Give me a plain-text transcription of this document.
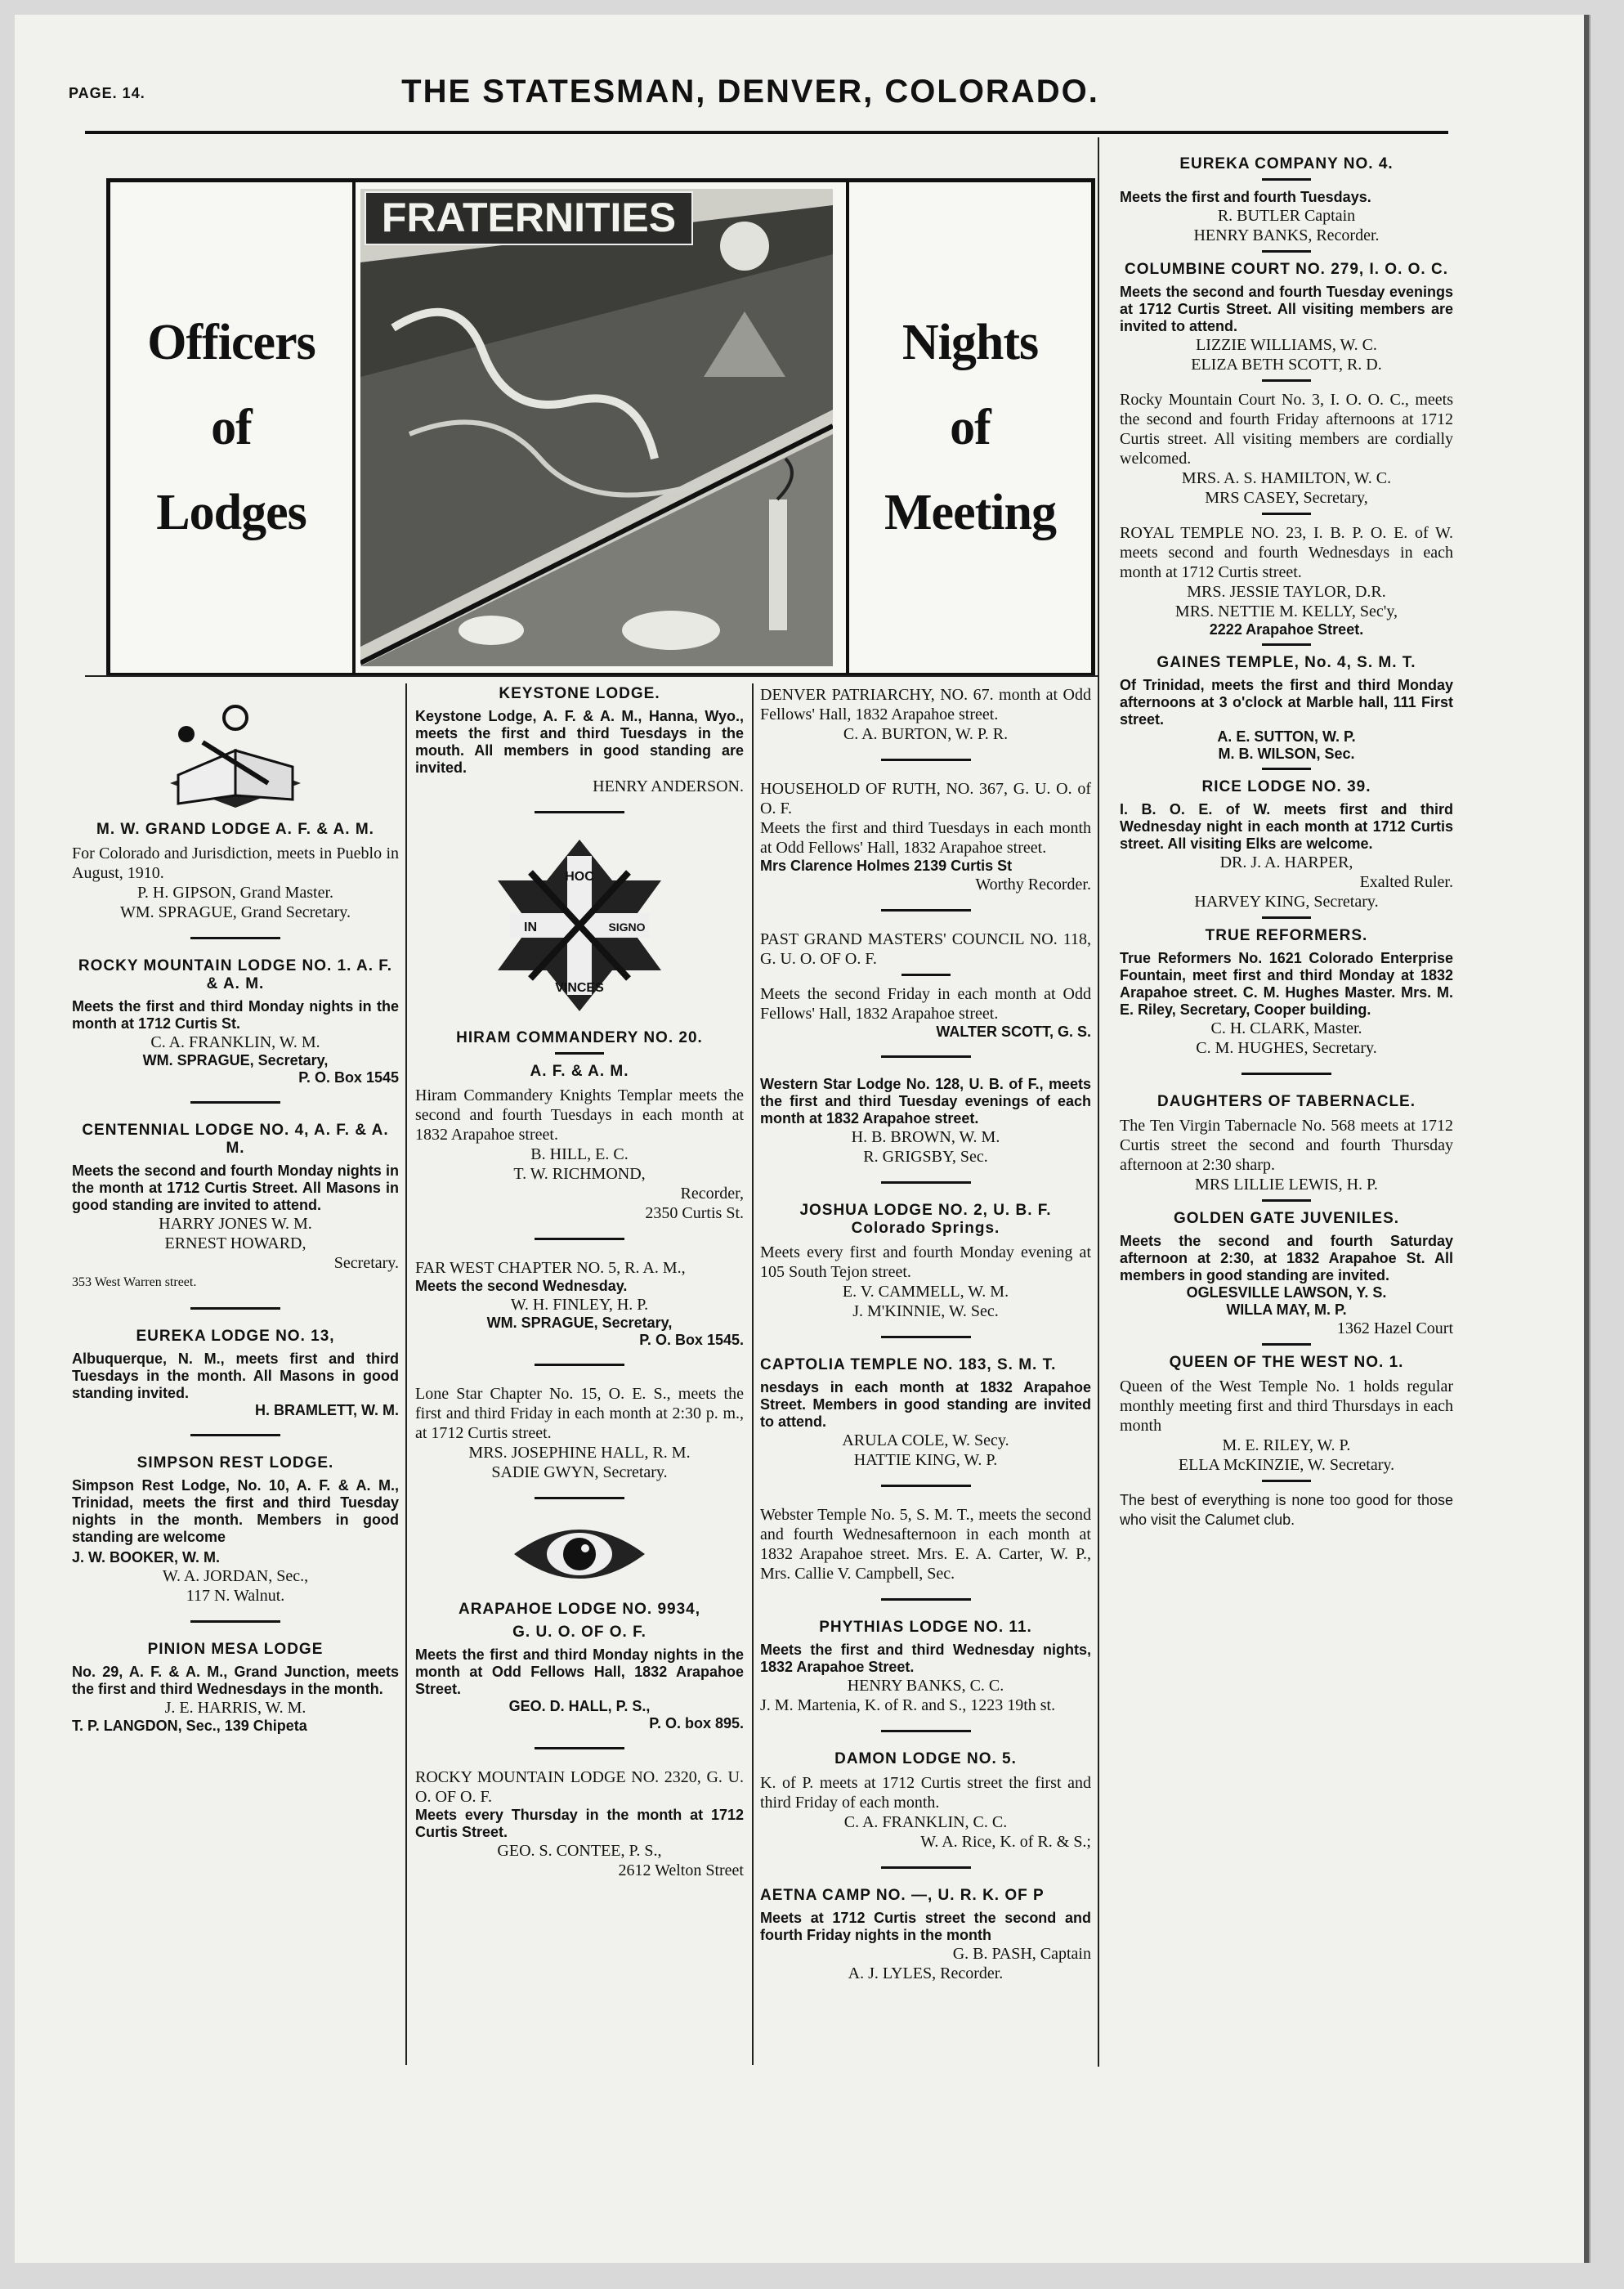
PAGE. 14.	THE STATESMAN, DENVER, COLORADO.
Officers
of
Lodges
FRATERNITIES
Nights
of
Meeting
M. W. GRAND LODGE A. F. & A. M.

For Colorado and Jurisdiction, meets in Pueblo in August, 1910.

P. H. GIPSON, Grand Master.

WM. SPRAGUE, Grand Secretary.

ROCKY MOUNTAIN LODGE NO. 1. A. F. & A. M.

Meets the first and third Monday nights in the month at 1712 Curtis St.

C. A. FRANKLIN, W. M.

WM. SPRAGUE, Secretary,

P. O. Box 1545

CENTENNIAL LODGE NO. 4, A. F. & A. M.

Meets the second and fourth Monday nights in the month at 1712 Curtis Street. All Masons in good standing are invited to attend.

HARRY JONES W. M.

ERNEST HOWARD,

Secretary.

353 West Warren street.

EUREKA LODGE NO. 13,

Albuquerque, N. M., meets first and third Tuesdays in the month. All Masons in good standing invited.

H. BRAMLETT, W. M.

SIMPSON REST LODGE.

Simpson Rest Lodge, No. 10, A. F. & A. M., Trinidad, meets the first and third Tuesday nights in the month. Members in good standing are welcome

J. W. BOOKER, W. M.

W. A. JORDAN, Sec.,

117 N. Walnut.

PINION MESA LODGE

No. 29, A. F. & A. M., Grand Junction, meets the first and third Wednesdays in the month.

J. E. HARRIS, W. M.

T. P. LANGDON, Sec., 139 Chipeta

KEYSTONE LODGE.

Keystone Lodge, A. F. & A. M., Hanna, Wyo., meets the first and third Tuesdays in the mouth. All members in good standing are invited.

HENRY ANDERSON.

HOC
IN	SIGNO
VINCES
HIRAM COMMANDERY NO. 20.
A. F. & A. M.

Hiram Commandery Knights Templar meets the second and fourth Tuesdays in each month at 1832 Arapahoe street.

B. HILL, E. C.

T. W. RICHMOND,

Recorder,

2350 Curtis St.

FAR WEST CHAPTER NO. 5, R. A. M.,

Meets the second Wednesday.

W. H. FINLEY, H. P.

WM. SPRAGUE, Secretary,

P. O. Box 1545.

Lone Star Chapter No. 15, O. E. S., meets the first and third Friday in each month at 2:30 p. m., at 1712 Curtis street.

MRS. JOSEPHINE HALL, R. M.

SADIE GWYN, Secretary.

ARAPAHOE LODGE NO. 9934,
G. U. O. OF O. F.

Meets the first and third Monday nights in the month at Odd Fellows Hall, 1832 Arapahoe Street.

GEO. D. HALL, P. S.,

P. O. box 895.

ROCKY MOUNTAIN LODGE NO. 2320, G. U. O. OF O. F.

Meets every Thursday in the month at 1712 Curtis Street.

GEO. S. CONTEE, P. S.,

2612 Welton Street

DENVER PATRIARCHY, NO. 67. month at Odd Fellows' Hall, 1832 Arapahoe street.

C. A. BURTON, W. P. R.

HOUSEHOLD OF RUTH, NO. 367, G. U. O. of O. F.

Meets the first and third Tuesdays in each month at Odd Fellows' Hall, 1832 Arapahoe street.

Mrs Clarence Holmes 2139 Curtis St

Worthy Recorder.

PAST GRAND MASTERS' COUNCIL NO. 118, G. U. O. OF O. F.

Meets the second Friday in each month at Odd Fellows' Hall, 1832 Arapahoe street.

WALTER SCOTT, G. S.

Western Star Lodge No. 128, U. B. of F., meets the first and third Tuesday evenings of each month at 1832 Arapahoe street.

H. B. BROWN, W. M.

R. GRIGSBY, Sec.

JOSHUA LODGE NO. 2, U. B. F. Colorado Springs.

Meets every first and fourth Monday evening at 105 South Tejon street.

E. V. CAMMELL, W. M.

J. M'KINNIE, W. Sec.

CAPTOLIA TEMPLE NO. 183, S. M. T.

nesdays in each month at 1832 Arapahoe Street. Members in good standing are invited to attend.

ARULA COLE, W. Secy.

HATTIE KING, W. P.

Webster Temple No. 5, S. M. T., meets the second and fourth Wednesafternoon in each month at 1832 Arapahoe street. Mrs. E. A. Carter, W. P., Mrs. Callie V. Campbell, Sec.

PHYTHIAS LODGE NO. 11.

Meets the first and third Wednesday nights, 1832 Arapahoe Street.

HENRY BANKS, C. C.

J. M. Martenia, K. of R. and S., 1223 19th st.

DAMON LODGE NO. 5.

K. of P. meets at 1712 Curtis street the first and third Friday of each month.

C. A. FRANKLIN, C. C.

W. A. Rice, K. of R. & S.;

AETNA CAMP NO. —, U. R. K. OF P

Meets at 1712 Curtis street the second and fourth Friday nights in the month

G. B. PASH, Captain

A. J. LYLES, Recorder.

EUREKA COMPANY NO. 4.

Meets the first and fourth Tuesdays.

R. BUTLER Captain

HENRY BANKS, Recorder.

COLUMBINE COURT NO. 279, I. O. O. C.

Meets the second and fourth Tuesday evenings at 1712 Curtis Street. All visiting members are invited to attend.

LIZZIE WILLIAMS, W. C.

ELIZA BETH SCOTT, R. D.

Rocky Mountain Court No. 3, I. O. O. C., meets the second and fourth Friday afternoons at 1712 Curtis street. All visiting members are cordially welcomed.

MRS. A. S. HAMILTON, W. C.

MRS CASEY, Secretary,

ROYAL TEMPLE NO. 23, I. B. P. O. E. of W. meets second and fourth Wednesdays in each month at 1712 Curtis street.

MRS. JESSIE TAYLOR, D.R.

MRS. NETTIE M. KELLY, Sec'y,

2222 Arapahoe Street.

GAINES TEMPLE, No. 4, S. M. T.

Of Trinidad, meets the first and third Monday afternoons at 3 o'clock at Marble hall, 111 First street.

A. E. SUTTON, W. P.

M. B. WILSON, Sec.

RICE LODGE NO. 39.

I. B. O. E. of W. meets first and third Wednesday night in each month at 1712 Curtis street. All visiting Elks are welcome.

DR. J. A. HARPER,

Exalted Ruler.

HARVEY KING, Secretary.

TRUE REFORMERS.

True Reformers No. 1621 Colorado Enterprise Fountain, meet first and third Monday at 1832 Arapahoe street. C. M. Hughes Master. Mrs. M. E. Riley, Secretary, Cooper building.

C. H. CLARK, Master.

C. M. HUGHES, Secretary.

DAUGHTERS OF TABERNACLE.

The Ten Virgin Tabernacle No. 568 meets at 1712 Curtis street the second and fourth Thursday afternoon at 2:30 sharp.

MRS LILLIE LEWIS, H. P.

GOLDEN GATE JUVENILES.

Meets the second and fourth Saturday afternoon at 2:30, at 1832 Arapahoe St. All members in good standing are invited.

OGLESVILLE LAWSON, Y. S.

WILLA MAY, M. P.

1362 Hazel Court

QUEEN OF THE WEST NO. 1.

Queen of the West Temple No. 1 holds regular monthly meeting first and third Thursdays in each month

M. E. RILEY, W. P.

ELLA McKINZIE, W. Secretary.

The best of everything is none too good for those who visit the Calumet club.
